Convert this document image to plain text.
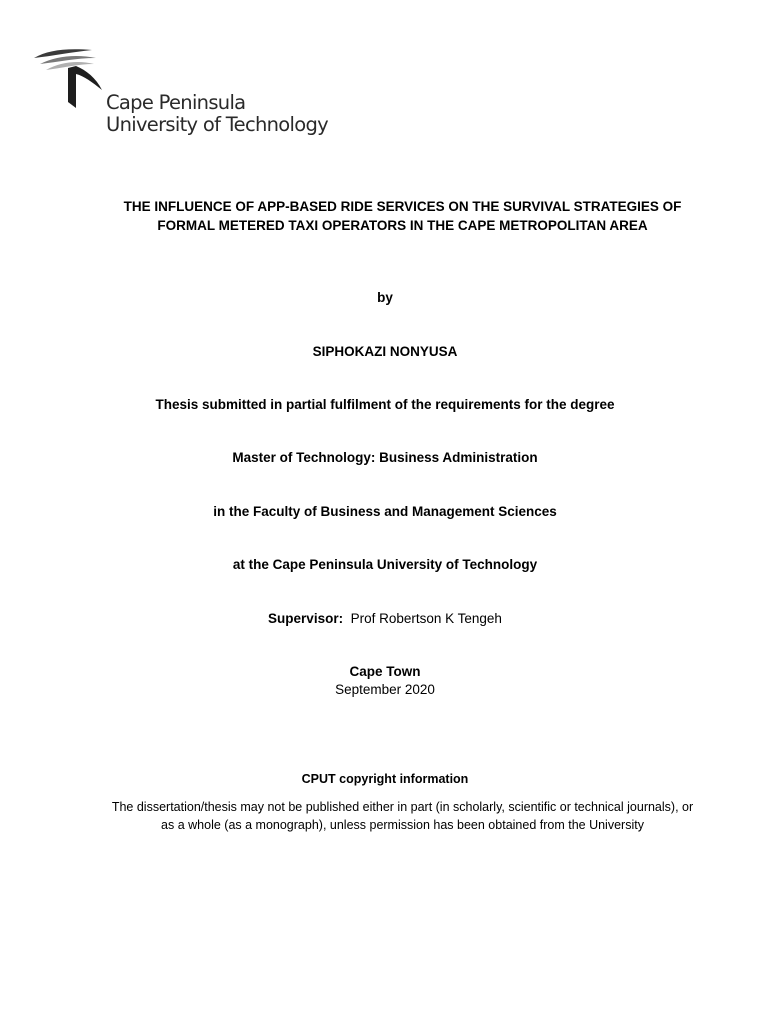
Cape Peninsula
University of Technology
THE INFLUENCE OF APP-BASED RIDE SERVICES ON THE SURVIVAL STRATEGIES OF FORMAL METERED TAXI OPERATORS IN THE CAPE METROPOLITAN AREA
by
SIPHOKAZI NONYUSA
Thesis submitted in partial fulfilment of the requirements for the degree
Master of Technology: Business Administration
in the Faculty of Business and Management Sciences
at the Cape Peninsula University of Technology
Supervisor: Prof Robertson K Tengeh
Cape Town
September 2020
CPUT copyright information
The dissertation/thesis may not be published either in part (in scholarly, scientific or technical journals), or as a whole (as a monograph), unless permission has been obtained from the University
